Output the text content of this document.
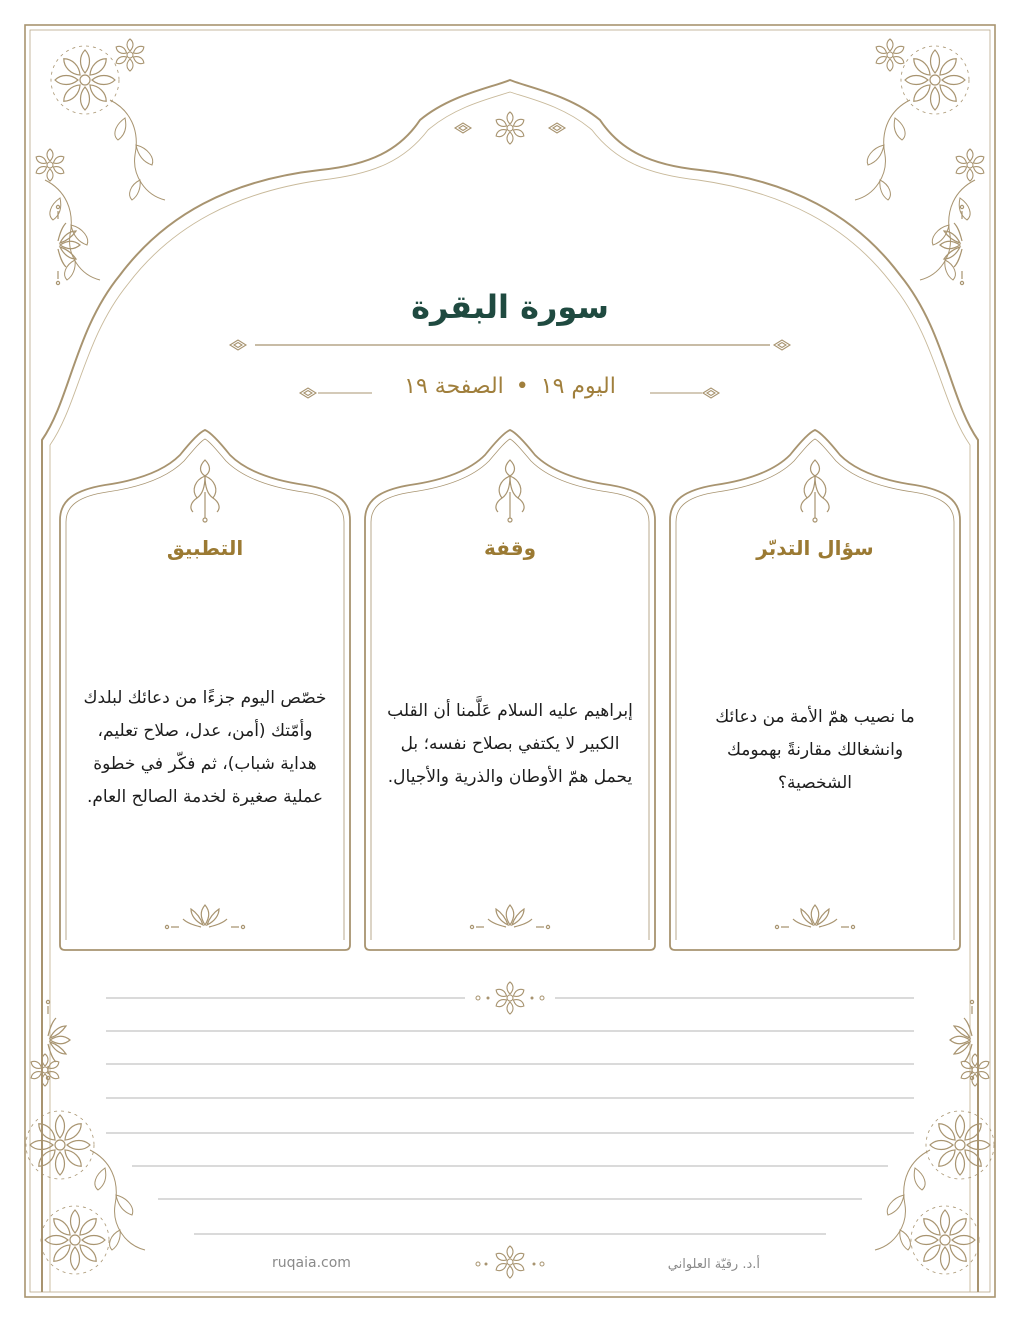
سورة البقرة
اليوم ١٩•الصفحة ١٩
سؤال التدبّر
ما نصيب همّ الأمة من دعائك وانشغالك مقارنةً بهمومك الشخصية؟
وقفة
إبراهيم عليه السلام عَلَّمنا أن القلب الكبير لا يكتفي بصلاح نفسه؛ بل يحمل همّ الأوطان والذرية والأجيال.
التطبيق
خصّص اليوم جزءًا من دعائك لبلدك وأمّتك (أمن، عدل، صلاح تعليم، هداية شباب)، ثم فكّر في خطوة عملية صغيرة لخدمة الصالح العام.
ruqaia.com	أ.د. رقيّة العلواني
